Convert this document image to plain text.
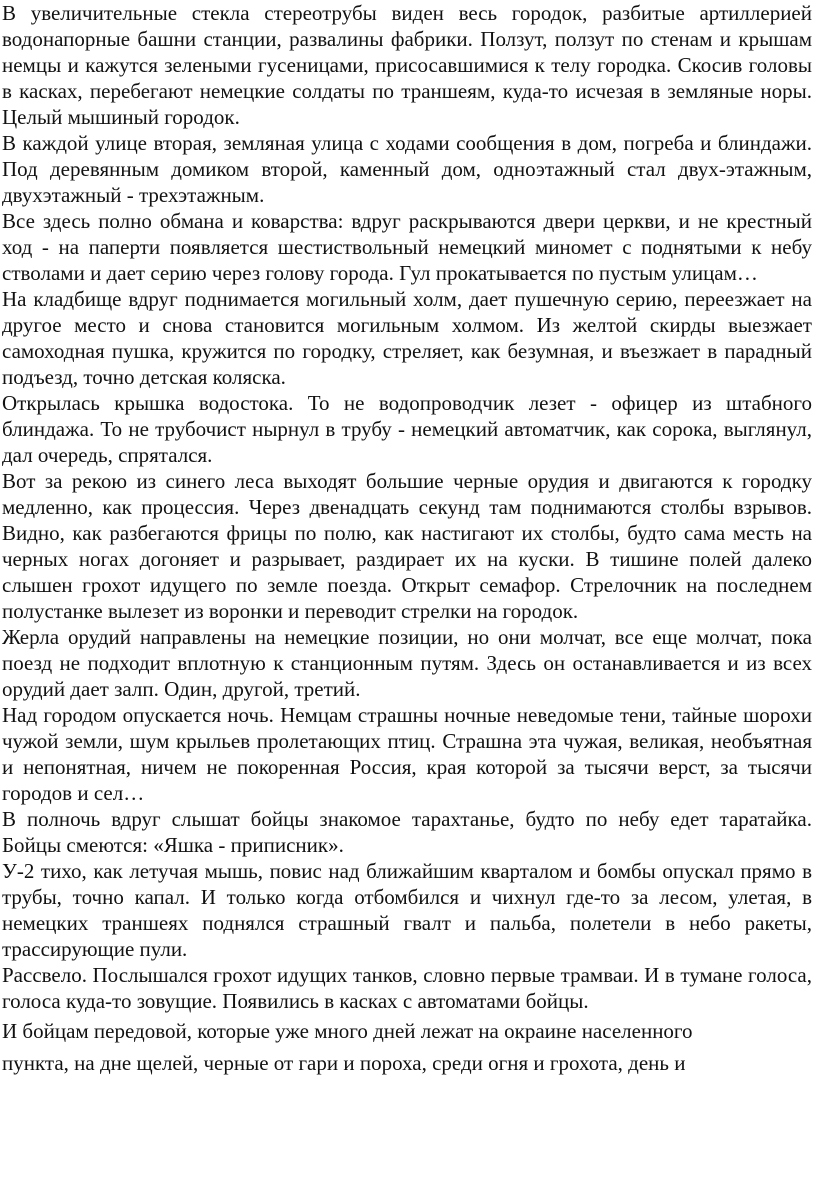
В увеличительные стекла стереотрубы виден весь городок, разбитые артиллерией водонапорные башни станции, развалины фабрики. Ползут, ползут по стенам и крышам немцы и кажутся зелеными гусеницами, присосавшимися к телу городка. Скосив головы в касках, перебегают немецкие солдаты по траншеям, куда-то исчезая в земляные норы. Целый мышиный городок.

В каждой улице вторая, земляная улица с ходами сообщения в дом, погреба и блиндажи. Под деревянным домиком второй, каменный дом, одноэтажный стал двух-этажным, двухэтажный - трехэтажным.

Все здесь полно обмана и коварства: вдруг раскрываются двери церкви, и не крестный ход - на паперти появляется шестиствольный немецкий миномет с поднятыми к небу стволами и дает серию через голову города. Гул прокатывается по пустым улицам…

На кладбище вдруг поднимается могильный холм, дает пушечную серию, переезжает на другое место и снова становится могильным холмом. Из желтой скирды выезжает самоходная пушка, кружится по городку, стреляет, как безумная, и въезжает в парадный подъезд, точно детская коляска.

Открылась крышка водостока. То не водопроводчик лезет - офицер из штабного блиндажа. То не трубочист нырнул в трубу - немецкий автоматчик, как сорока, выглянул, дал очередь, спрятался.

Вот за рекою из синего леса выходят большие черные орудия и двигаются к городку медленно, как процессия. Через двенадцать секунд там поднимаются столбы взрывов. Видно, как разбегаются фрицы по полю, как настигают их столбы, будто сама месть на черных ногах догоняет и разрывает, раздирает их на куски. В тишине полей далеко слышен грохот идущего по земле поезда. Открыт семафор. Стрелочник на последнем полустанке вылезет из воронки и переводит стрелки на городок.

Жерла орудий направлены на немецкие позиции, но они молчат, все еще молчат, пока поезд не подходит вплотную к станционным путям. Здесь он останавливается и из всех орудий дает залп. Один, другой, третий.

Над городом опускается ночь. Немцам страшны ночные неведомые тени, тайные шорохи чужой земли, шум крыльев пролетающих птиц. Страшна эта чужая, великая, необъятная и непонятная, ничем не покоренная Россия, края которой за тысячи верст, за тысячи городов и сел…

В полночь вдруг слышат бойцы знакомое тарахтанье, будто по небу едет таратайка. Бойцы смеются: «Яшка - приписник».

У-2 тихо, как летучая мышь, повис над ближайшим кварталом и бомбы опускал прямо в трубы, точно капал. И только когда отбомбился и чихнул где-то за лесом, улетая, в немецких траншеях поднялся страшный гвалт и пальба, полетели в небо ракеты, трассирующие пули.

Рассвело. Послышался грохот идущих танков, словно первые трамваи. И в тумане голоса, голоса куда-то зовущие. Появились в касках с автоматами бойцы.

И бойцам передовой, которые уже много дней лежат на окраине населенного
пункта, на дне щелей, черные от гари и пороха, среди огня и грохота, день и
